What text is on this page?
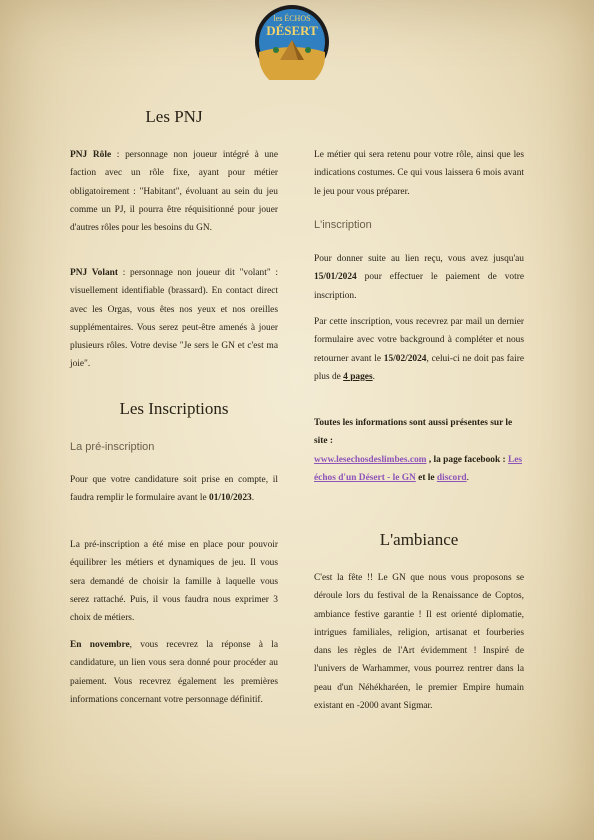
les ÉCHOS
DÉSERT
Les PNJ

PNJ Rôle : personnage non joueur intégré à une faction avec un rôle fixe, ayant pour métier obligatoirement : "Habitant", évoluant au sein du jeu comme un PJ, il pourra être réquisitionné pour jouer d'autres rôles pour les besoins du GN.

PNJ Volant : personnage non joueur dit "volant" : visuellement identifiable (brassard). En contact direct avec les Orgas, vous êtes nos yeux et nos oreilles supplémentaires. Vous serez peut-être amenés à jouer plusieurs rôles. Votre devise "Je sers le GN et c'est ma joie".

Les Inscriptions
La pré-inscription

Pour que votre candidature soit prise en compte, il faudra remplir le formulaire avant le 01/10/2023.

La pré-inscription a été mise en place pour pouvoir équilibrer les métiers et dynamiques de jeu. Il vous sera demandé de choisir la famille à laquelle vous serez rattaché. Puis, il vous faudra nous exprimer 3 choix de métiers.

En novembre, vous recevrez la réponse à la candidature, un lien vous sera donné pour procéder au paiement. Vous recevrez également les premières informations concernant votre personnage définitif.

Le métier qui sera retenu pour votre rôle, ainsi que les indications costumes. Ce qui vous laissera 6 mois avant le jeu pour vous préparer.

L'inscription

Pour donner suite au lien reçu, vous avez jusqu'au 15/01/2024 pour effectuer le paiement de votre inscription.

Par cette inscription, vous recevrez par mail un dernier formulaire avec votre background à compléter et nous retourner avant le 15/02/2024, celui-ci ne doit pas faire plus de 4 pages.

Toutes les informations sont aussi présentes sur le site :
www.lesechosdeslimbes.com , la page facebook : Les échos d'un Désert - le GN et le discord.

L'ambiance

C'est la fête !! Le GN que nous vous proposons se déroule lors du festival de la Renaissance de Coptos, ambiance festive garantie ! Il est orienté diplomatie, intrigues familiales, religion, artisanat et fourberies dans les règles de l'Art évidemment ! Inspiré de l'univers de Warhammer, vous pourrez rentrer dans la peau d'un Néhékharéen, le premier Empire humain existant en -2000 avant Sigmar.
